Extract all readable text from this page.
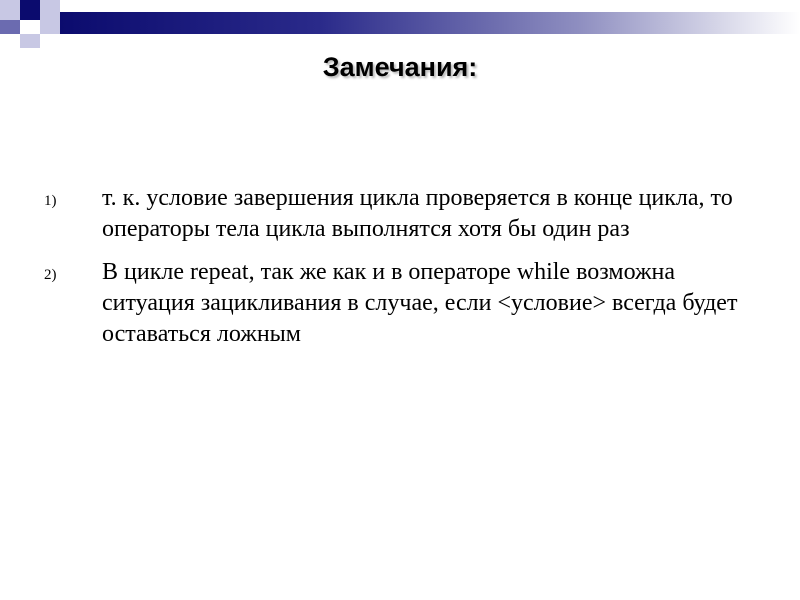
Замечания:
1) т. к. условие завершения цикла проверяется в конце цикла, то операторы тела цикла выполнятся хотя бы один раз
2) В цикле repeat, так же как и в операторе while возможна ситуация зацикливания в случае, если <условие> всегда будет оставаться ложным
